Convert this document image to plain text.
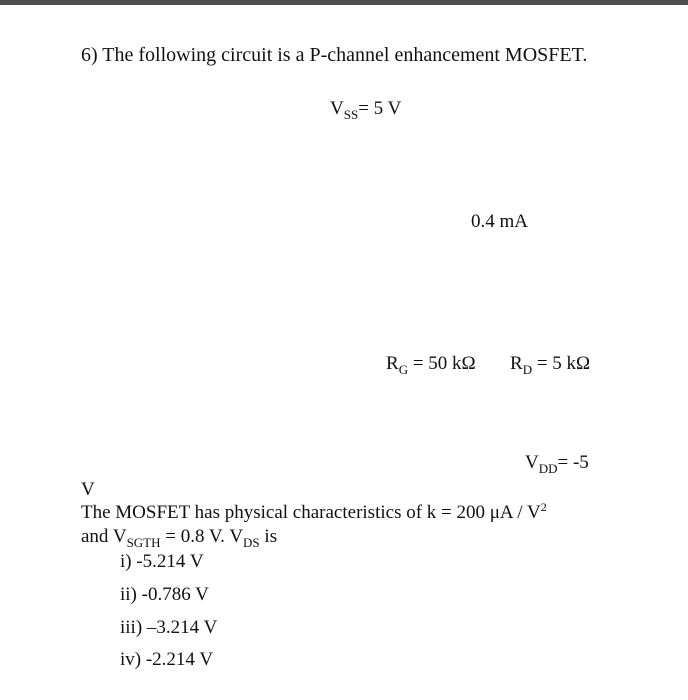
6) The following circuit is a P-channel enhancement MOSFET.
$V_{SS}= 5$ V
0.4 mA
$R_G = 50$ kΩ $R_D = 5$ kΩ
$V_{DD}= -5$
V
The MOSFET has physical characteristics of k = 200 μA / $V^2$
and $V_{SGTH} = 0.8$ V. $V_{DS}$ is
i) -5.214 V
ii) -0.786 V
iii) –3.214 V
iv) -2.214 V
